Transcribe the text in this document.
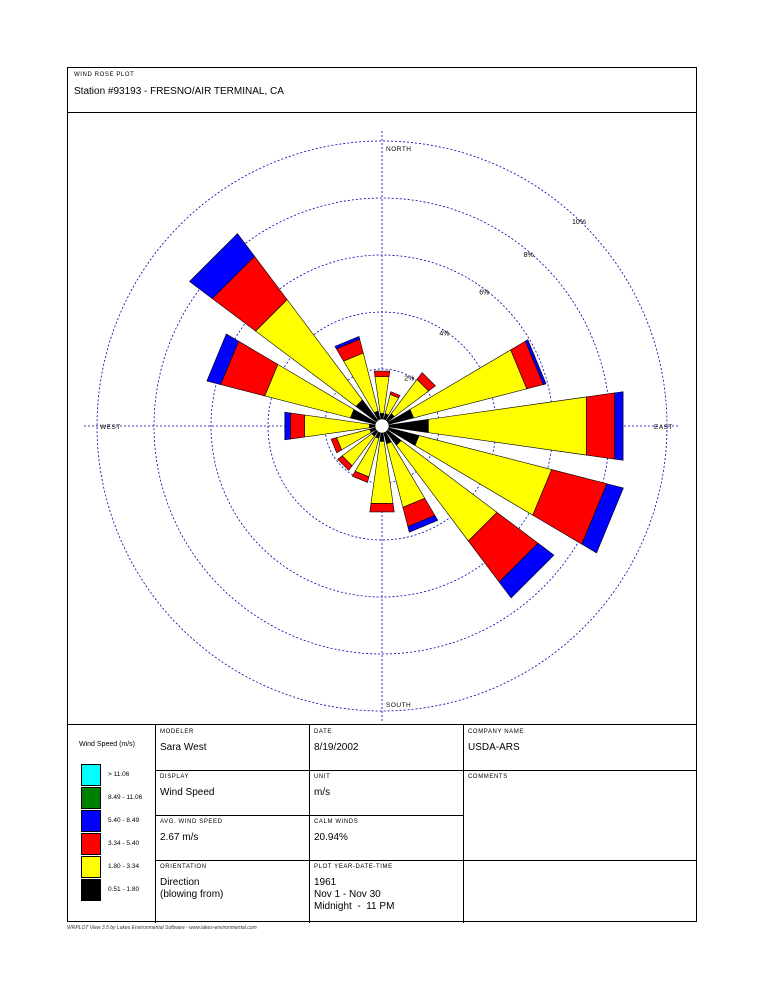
WIND ROSE PLOT
Station #93193 - FRESNO/AIR TERMINAL, CA
2%
4%
6%
8%
10%
NORTH
SOUTH
EAST
WEST
Wind Speed (m/s)
> 11.06
8.49 - 11.06
5.40 - 8.49
3.34 - 5.40
1.80 - 3.34
0.51 - 1.80
MODELER
Sara West
DATE
8/19/2002
COMPANY NAME
USDA-ARS
DISPLAY
Wind Speed
UNIT
m/s
COMMENTS
AVG. WIND SPEED
2.67 m/s
CALM WINDS
20.94%
ORIENTATION
Direction
(blowing from)
PLOT YEAR-DATE-TIME
1961
Nov 1 - Nov 30
Midnight  -  11 PM
WRPLOT View 3.5 by Lakes Environmental Software - www.lakes-environmental.com
